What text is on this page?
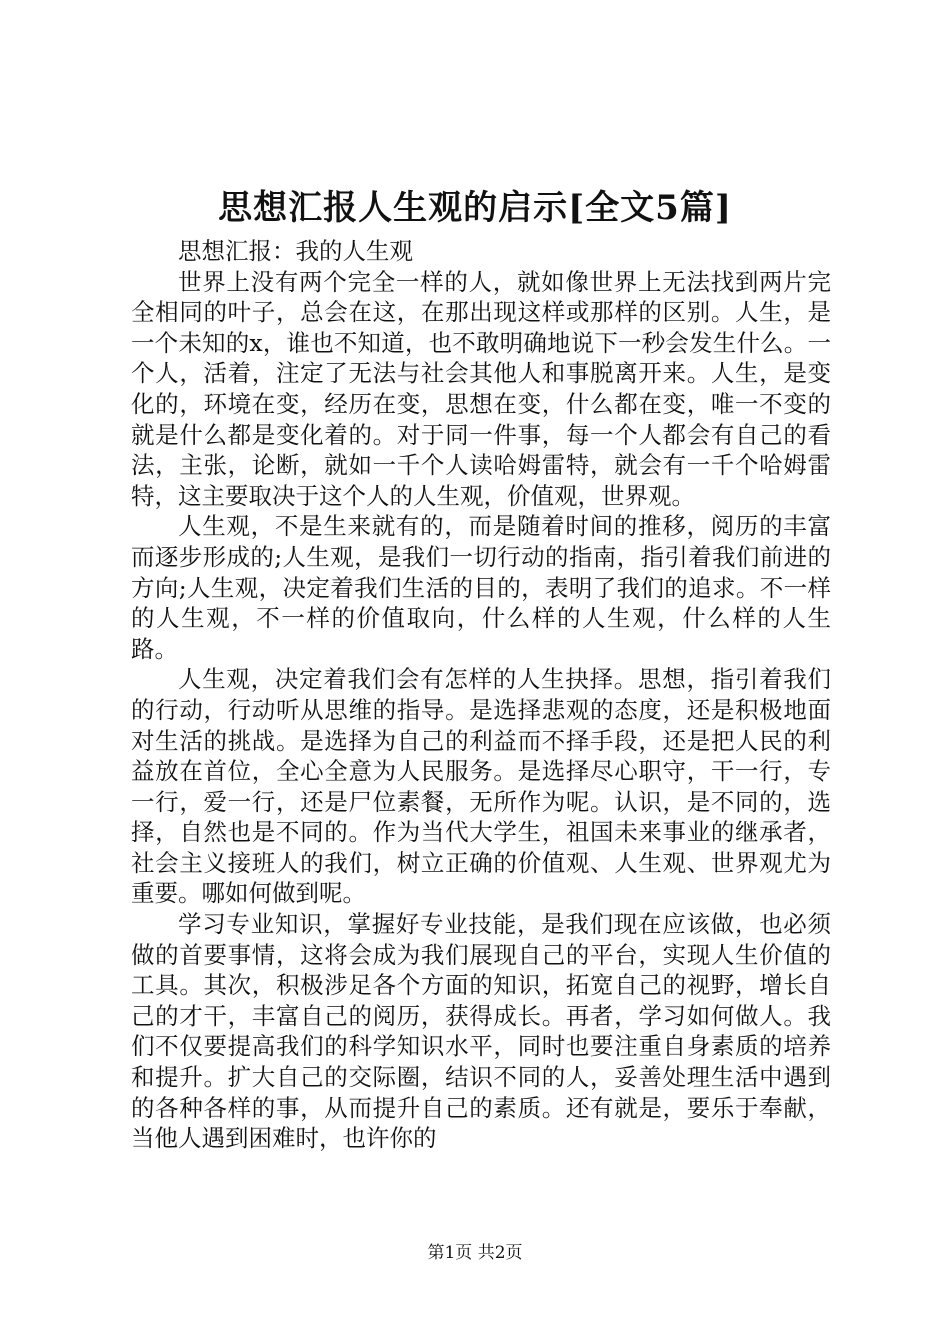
思想汇报人生观的启示[全文5篇]

思想汇报：我的人生观

世界上没有两个完全一样的人，就如像世界上无法找到两片完全相同的叶子，总会在这，在那出现这样或那样的区别。人生，是一个未知的x，谁也不知道，也不敢明确地说下一秒会发生什么。一个人，活着，注定了无法与社会其他人和事脱离开来。人生，是变化的，环境在变，经历在变，思想在变，什么都在变，唯一不变的就是什么都是变化着的。对于同一件事，每一个人都会有自己的看法，主张，论断，就如一千个人读哈姆雷特，就会有一千个哈姆雷特，这主要取决于这个人的人生观，价值观，世界观。

人生观，不是生来就有的，而是随着时间的推移，阅历的丰富而逐步形成的;人生观，是我们一切行动的指南，指引着我们前进的方向;人生观，决定着我们生活的目的，表明了我们的追求。不一样的人生观，不一样的价值取向，什么样的人生观，什么样的人生路。

人生观，决定着我们会有怎样的人生抉择。思想，指引着我们的行动，行动听从思维的指导。是选择悲观的态度，还是积极地面对生活的挑战。是选择为自己的利益而不择手段，还是把人民的利益放在首位，全心全意为人民服务。是选择尽心职守，干一行，专一行，爱一行，还是尸位素餐，无所作为呢。认识，是不同的，选择，自然也是不同的。作为当代大学生，祖国未来事业的继承者，社会主义接班人的我们，树立正确的价值观、人生观、世界观尤为重要。哪如何做到呢。

学习专业知识，掌握好专业技能，是我们现在应该做，也必须做的首要事情，这将会成为我们展现自己的平台，实现人生价值的工具。其次，积极涉足各个方面的知识，拓宽自己的视野，增长自己的才干，丰富自己的阅历，获得成长。再者，学习如何做人。我们不仅要提高我们的科学知识水平，同时也要注重自身素质的培养和提升。扩大自己的交际圈，结识不同的人，妥善处理生活中遇到的各种各样的事，从而提升自己的素质。还有就是，要乐于奉献，当他人遇到困难时，也许你的

第1页 共2页
